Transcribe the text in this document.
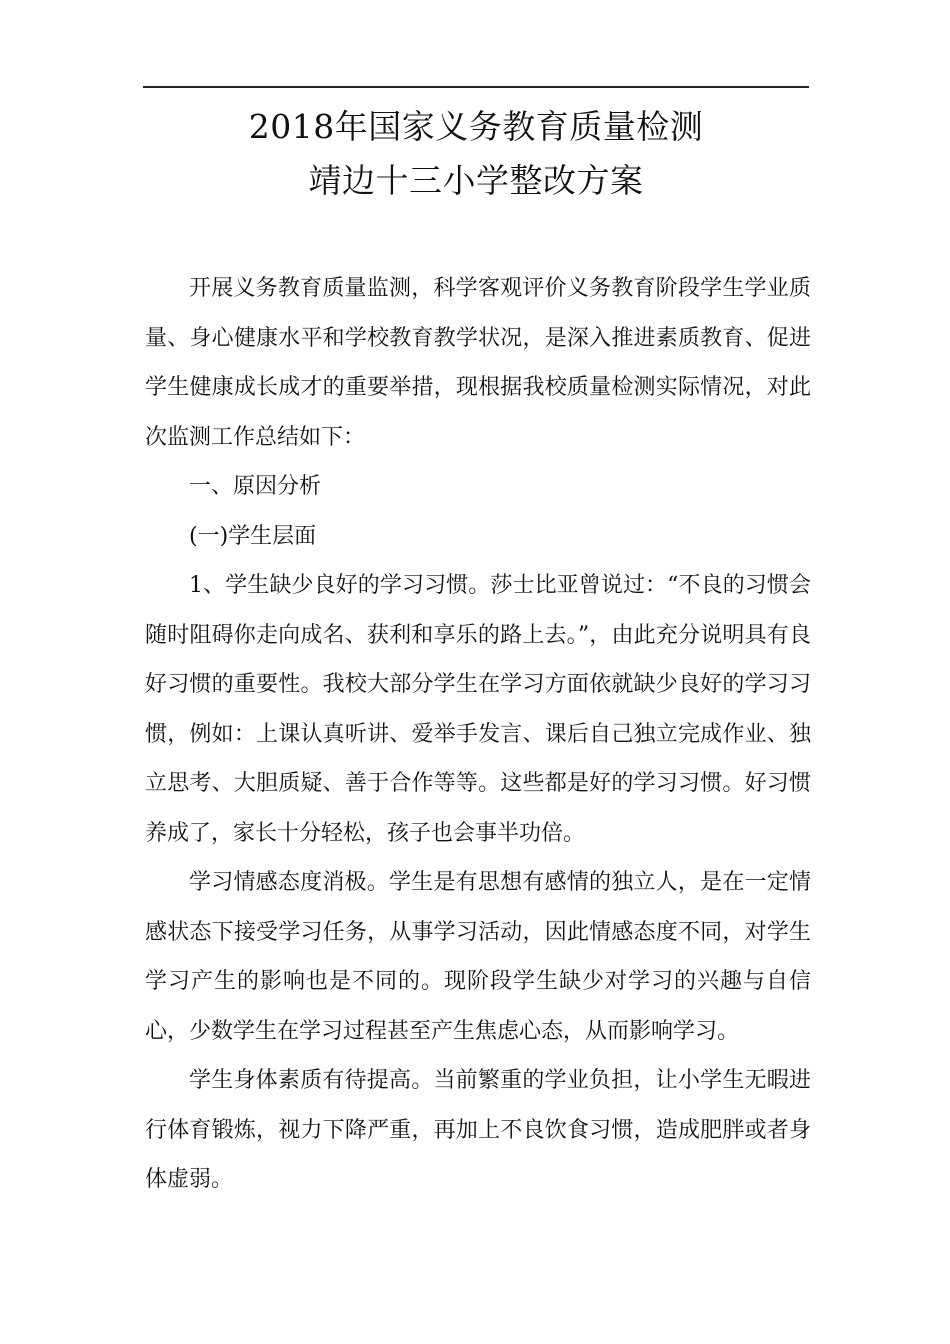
2018年国家义务教育质量检测
靖边十三小学整改方案

开展义务教育质量监测，科学客观评价义务教育阶段学生学业质量、身心健康水平和学校教育教学状况，是深入推进素质教育、促进学生健康成长成才的重要举措，现根据我校质量检测实际情况，对此次监测工作总结如下：

一、原因分析

(一)学生层面

1、学生缺少良好的学习习惯。莎士比亚曾说过：“不良的习惯会随时阻碍你走向成名、获利和享乐的路上去。”，由此充分说明具有良好习惯的重要性。我校大部分学生在学习方面依就缺少良好的学习习惯，例如：上课认真听讲、爱举手发言、课后自己独立完成作业、独立思考、大胆质疑、善于合作等等。这些都是好的学习习惯。好习惯养成了，家长十分轻松，孩子也会事半功倍。

学习情感态度消极。学生是有思想有感情的独立人，是在一定情感状态下接受学习任务，从事学习活动，因此情感态度不同，对学生学习产生的影响也是不同的。现阶段学生缺少对学习的兴趣与自信心，少数学生在学习过程甚至产生焦虑心态，从而影响学习。

学生身体素质有待提高。当前繁重的学业负担，让小学生无暇进行体育锻炼，视力下降严重，再加上不良饮食习惯，造成肥胖或者身体虚弱。
